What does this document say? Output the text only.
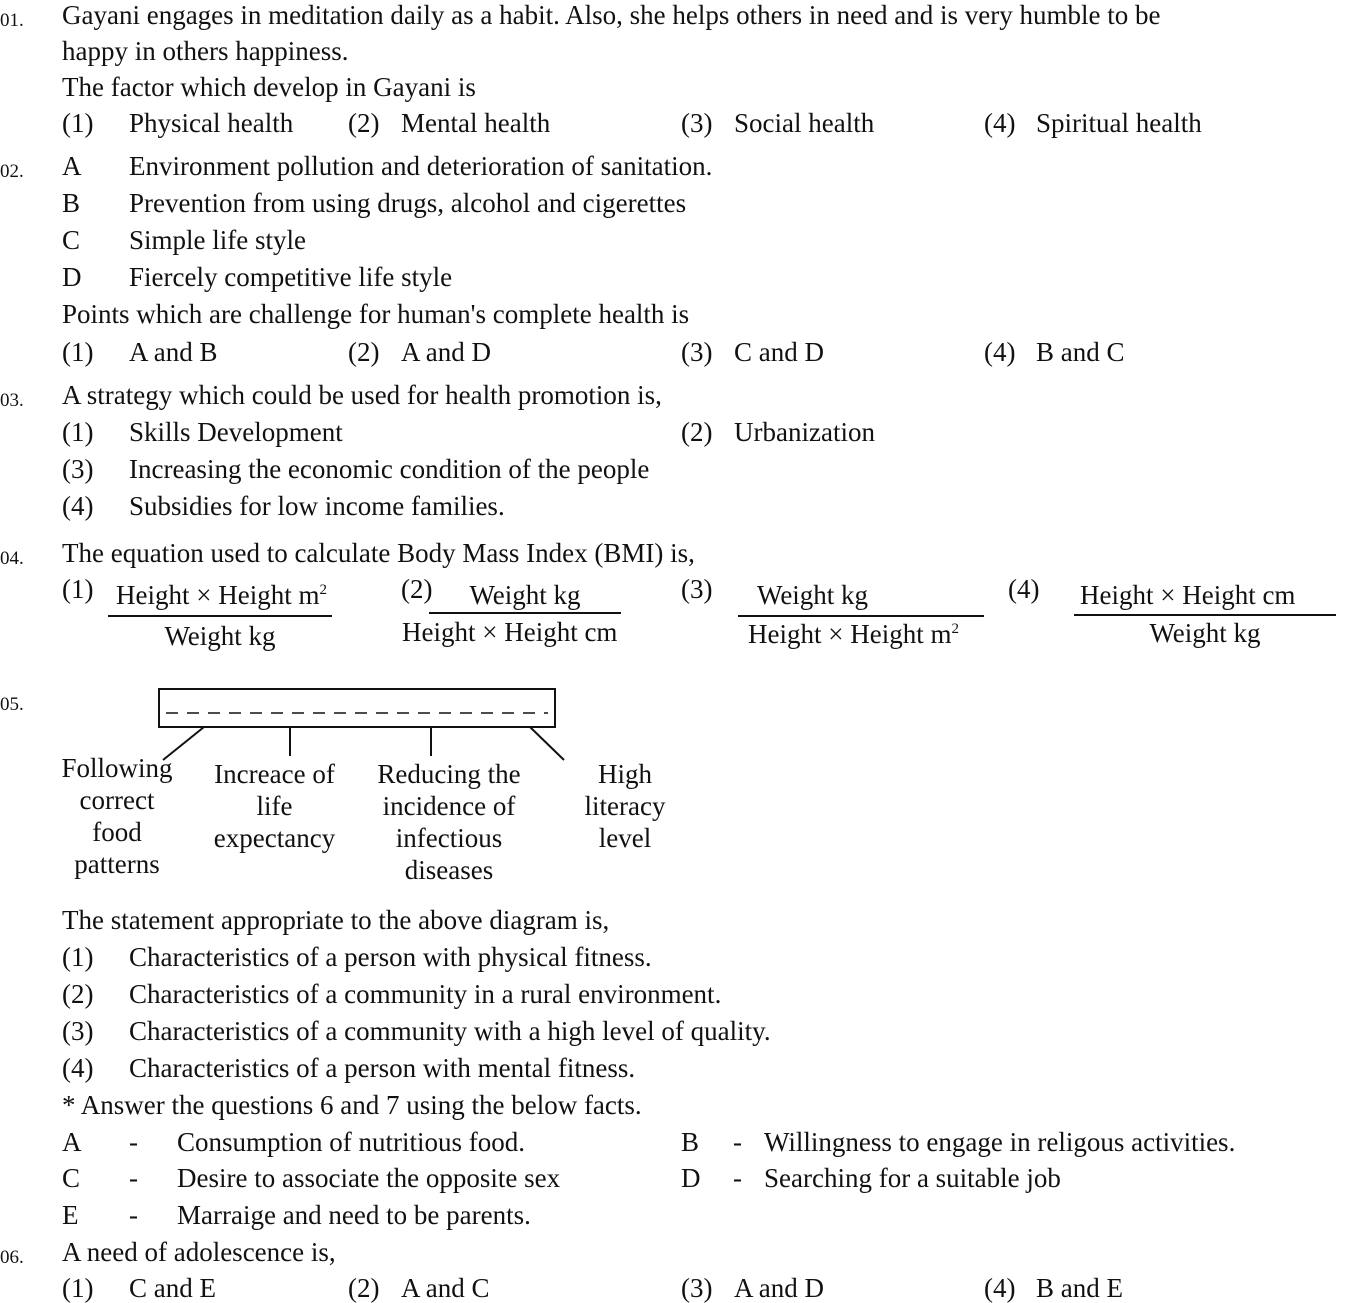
01. Gayani engages in meditation daily as a habit. Also, she helps others in need and is very humble to be
happy in others happiness.
The factor which develop in Gayani is
(1) Physical health (2) Mental health	(3) Social health	(4) Spiritual health
02. A Environment pollution and deterioration of sanitation.
B Prevention from using drugs, alcohol and cigerettes
C Simple life style
D Fiercely competitive life style
Points which are challenge for human's complete health is
(1) A and B	(2) A and D	(3) C and D	(4) B and C
03. A strategy which could be used for health promotion is,
(1) Skills Development	(2) Urbanization
(3) Increasing the economic condition of the people
(4) Subsidies for low income families.
04. The equation used to calculate Body Mass Index (BMI) is,
(1) Height × Height $m^2$
Weight kg
(2)	Weight kg
Height × Height cm
(3) Weight kg
Height × Height $m^2$
(4) Height × Height cm
Weight kg
05.
Following
correct
food
patterns
Increace of
life
expectancy
Reducing the
incidence of
infectious
diseases
High
literacy
level
The statement appropriate to the above diagram is,
(1) Characteristics of a person with physical fitness.
(2) Characteristics of a community in a rural environment.
(3) Characteristics of a community with a high level of quality.
(4) Characteristics of a person with mental fitness.
* Answer the questions 6 and 7 using the below facts.
A - Consumption of nutritious food.	B - Willingness to engage in religous activities.
C - Desire to associate the opposite sex	D - Searching for a suitable job
E - Marraige and need to be parents.
06. A need of adolescence is,
(1) C and E	(2) A and C	(3) A and D	(4) B and E
